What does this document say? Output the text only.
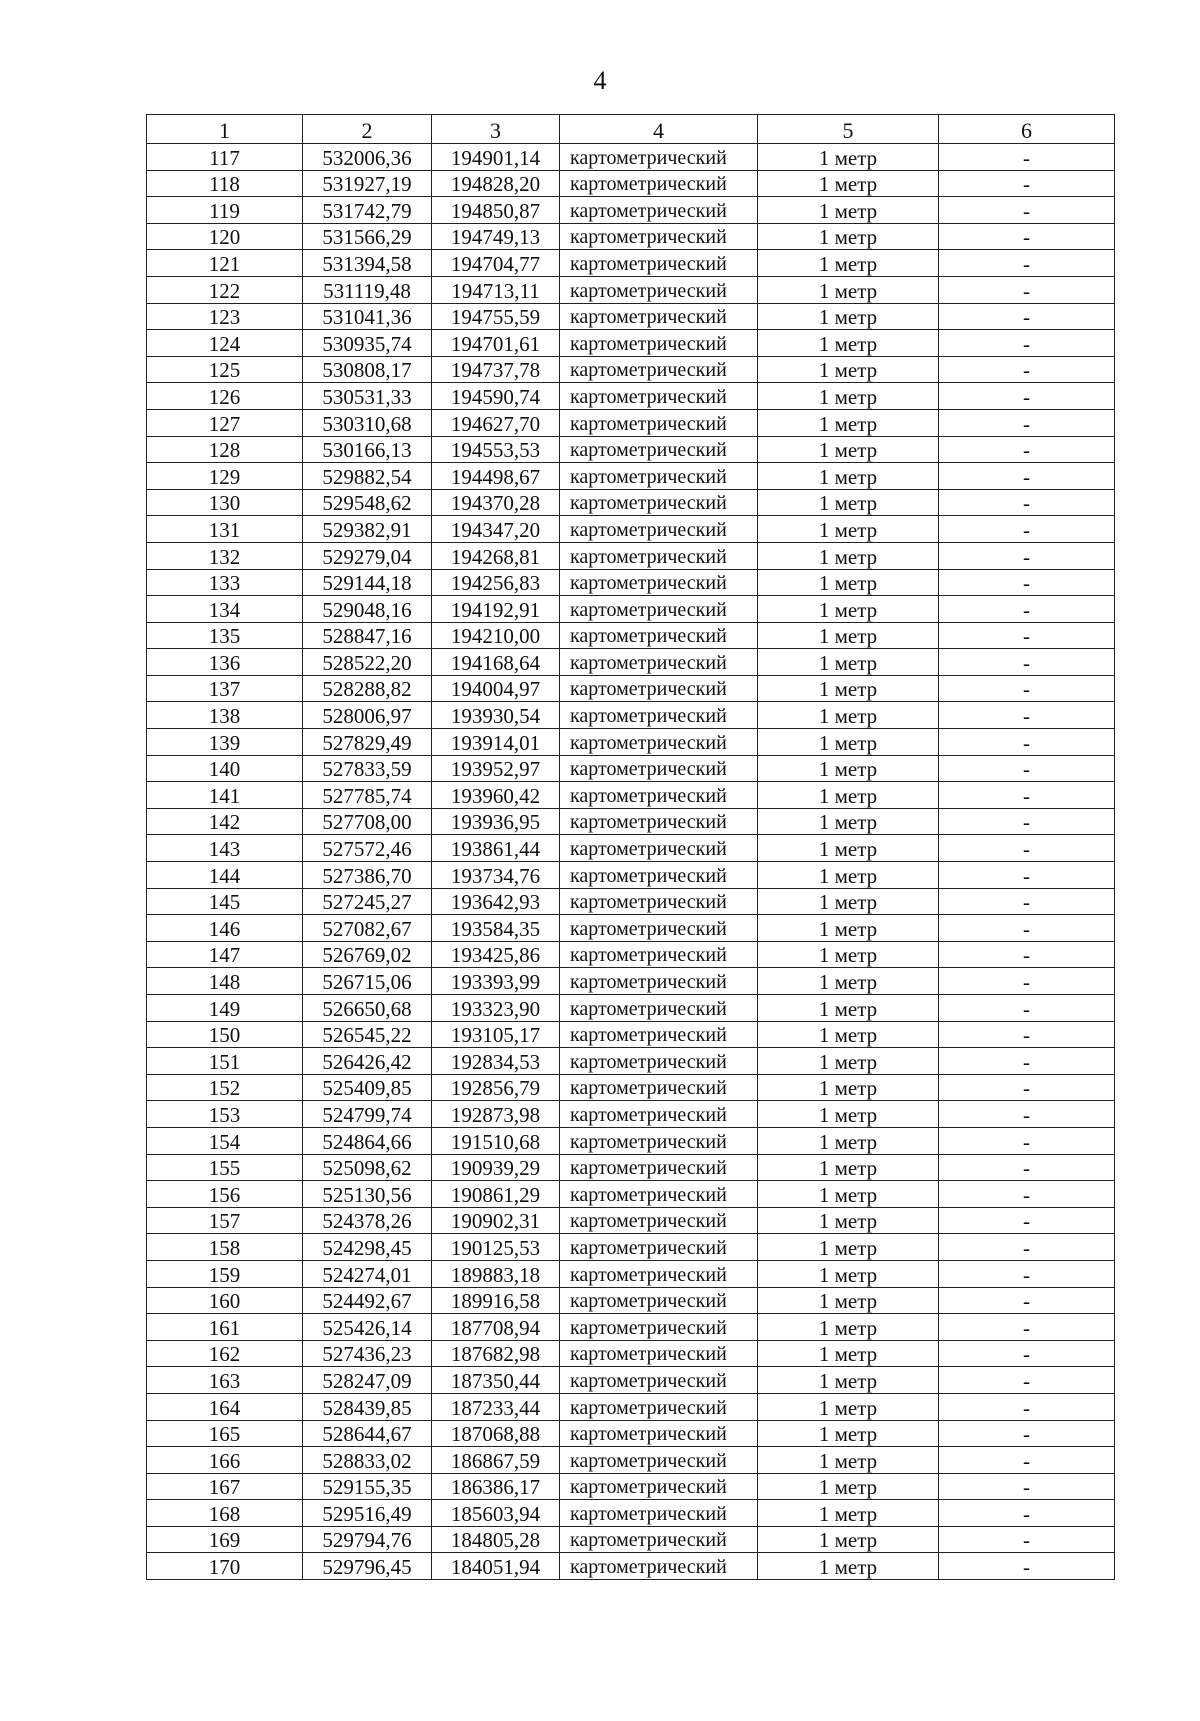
4
1	2	3	4	5	6
117	532006,36	194901,14	картометрический	1 метр	-
118	531927,19	194828,20	картометрический	1 метр	-
119	531742,79	194850,87	картометрический	1 метр	-
120	531566,29	194749,13	картометрический	1 метр	-
121	531394,58	194704,77	картометрический	1 метр	-
122	531119,48	194713,11	картометрический	1 метр	-
123	531041,36	194755,59	картометрический	1 метр	-
124	530935,74	194701,61	картометрический	1 метр	-
125	530808,17	194737,78	картометрический	1 метр	-
126	530531,33	194590,74	картометрический	1 метр	-
127	530310,68	194627,70	картометрический	1 метр	-
128	530166,13	194553,53	картометрический	1 метр	-
129	529882,54	194498,67	картометрический	1 метр	-
130	529548,62	194370,28	картометрический	1 метр	-
131	529382,91	194347,20	картометрический	1 метр	-
132	529279,04	194268,81	картометрический	1 метр	-
133	529144,18	194256,83	картометрический	1 метр	-
134	529048,16	194192,91	картометрический	1 метр	-
135	528847,16	194210,00	картометрический	1 метр	-
136	528522,20	194168,64	картометрический	1 метр	-
137	528288,82	194004,97	картометрический	1 метр	-
138	528006,97	193930,54	картометрический	1 метр	-
139	527829,49	193914,01	картометрический	1 метр	-
140	527833,59	193952,97	картометрический	1 метр	-
141	527785,74	193960,42	картометрический	1 метр	-
142	527708,00	193936,95	картометрический	1 метр	-
143	527572,46	193861,44	картометрический	1 метр	-
144	527386,70	193734,76	картометрический	1 метр	-
145	527245,27	193642,93	картометрический	1 метр	-
146	527082,67	193584,35	картометрический	1 метр	-
147	526769,02	193425,86	картометрический	1 метр	-
148	526715,06	193393,99	картометрический	1 метр	-
149	526650,68	193323,90	картометрический	1 метр	-
150	526545,22	193105,17	картометрический	1 метр	-
151	526426,42	192834,53	картометрический	1 метр	-
152	525409,85	192856,79	картометрический	1 метр	-
153	524799,74	192873,98	картометрический	1 метр	-
154	524864,66	191510,68	картометрический	1 метр	-
155	525098,62	190939,29	картометрический	1 метр	-
156	525130,56	190861,29	картометрический	1 метр	-
157	524378,26	190902,31	картометрический	1 метр	-
158	524298,45	190125,53	картометрический	1 метр	-
159	524274,01	189883,18	картометрический	1 метр	-
160	524492,67	189916,58	картометрический	1 метр	-
161	525426,14	187708,94	картометрический	1 метр	-
162	527436,23	187682,98	картометрический	1 метр	-
163	528247,09	187350,44	картометрический	1 метр	-
164	528439,85	187233,44	картометрический	1 метр	-
165	528644,67	187068,88	картометрический	1 метр	-
166	528833,02	186867,59	картометрический	1 метр	-
167	529155,35	186386,17	картометрический	1 метр	-
168	529516,49	185603,94	картометрический	1 метр	-
169	529794,76	184805,28	картометрический	1 метр	-
170	529796,45	184051,94	картометрический	1 метр	-
